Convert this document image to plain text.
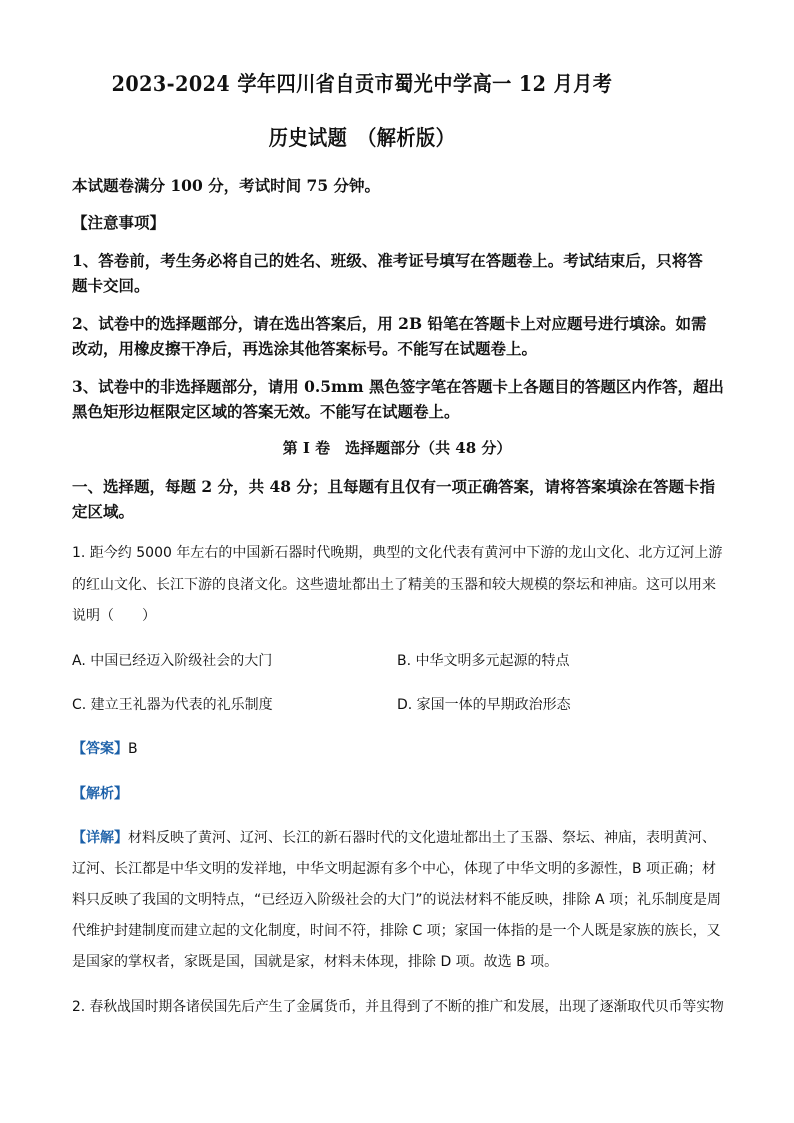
2023-2024 学年四川省自贡市蜀光中学高一 12 月月考
历史试题　（解析版）
本试题卷满分 100 分，考试时间 75 分钟。
【注意事项】
1、答卷前，考生务必将自己的姓名、班级、准考证号填写在答题卷上。考试结束后，只将答
题卡交回。
2、试卷中的选择题部分，请在选出答案后，用 2B 铅笔在答题卡上对应题号进行填涂。如需
改动，用橡皮擦干净后，再选涂其他答案标号。不能写在试题卷上。
3、试卷中的非选择题部分，请用 0.5mm 黑色签字笔在答题卡上各题目的答题区内作答，超出
黑色矩形边框限定区域的答案无效。不能写在试题卷上。
第 I 卷　选择题部分（共 48 分）
一、选择题，每题 2 分，共 48 分；且每题有且仅有一项正确答案，请将答案填涂在答题卡指
定区域。
1. 距今约 5000 年左右的中国新石器时代晚期，典型的文化代表有黄河中下游的龙山文化、北方辽河上游
的红山文化、长江下游的良渚文化。这些遗址都出土了精美的玉器和较大规模的祭坛和神庙。这可以用来
说明（　　）
A. 中国已经迈入阶级社会的大门	B. 中华文明多元起源的特点
C. 建立王礼器为代表的礼乐制度	D. 家国一体的早期政治形态
【答案】B
【解析】
【详解】材料反映了黄河、辽河、长江的新石器时代的文化遗址都出土了玉器、祭坛、神庙，表明黄河、
辽河、长江都是中华文明的发祥地，中华文明起源有多个中心，体现了中华文明的多源性，B 项正确；材
料只反映了我国的文明特点，“已经迈入阶级社会的大门”的说法材料不能反映，排除 A 项；礼乐制度是周
代维护封建制度而建立起的文化制度，时间不符，排除 C 项；家国一体指的是一个人既是家族的族长，又
是国家的掌权者，家既是国，国就是家，材料未体现，排除 D 项。故选 B 项。
2. 春秋战国时期各诸侯国先后产生了金属货币，并且得到了不断的推广和发展，出现了逐渐取代贝币等实物
